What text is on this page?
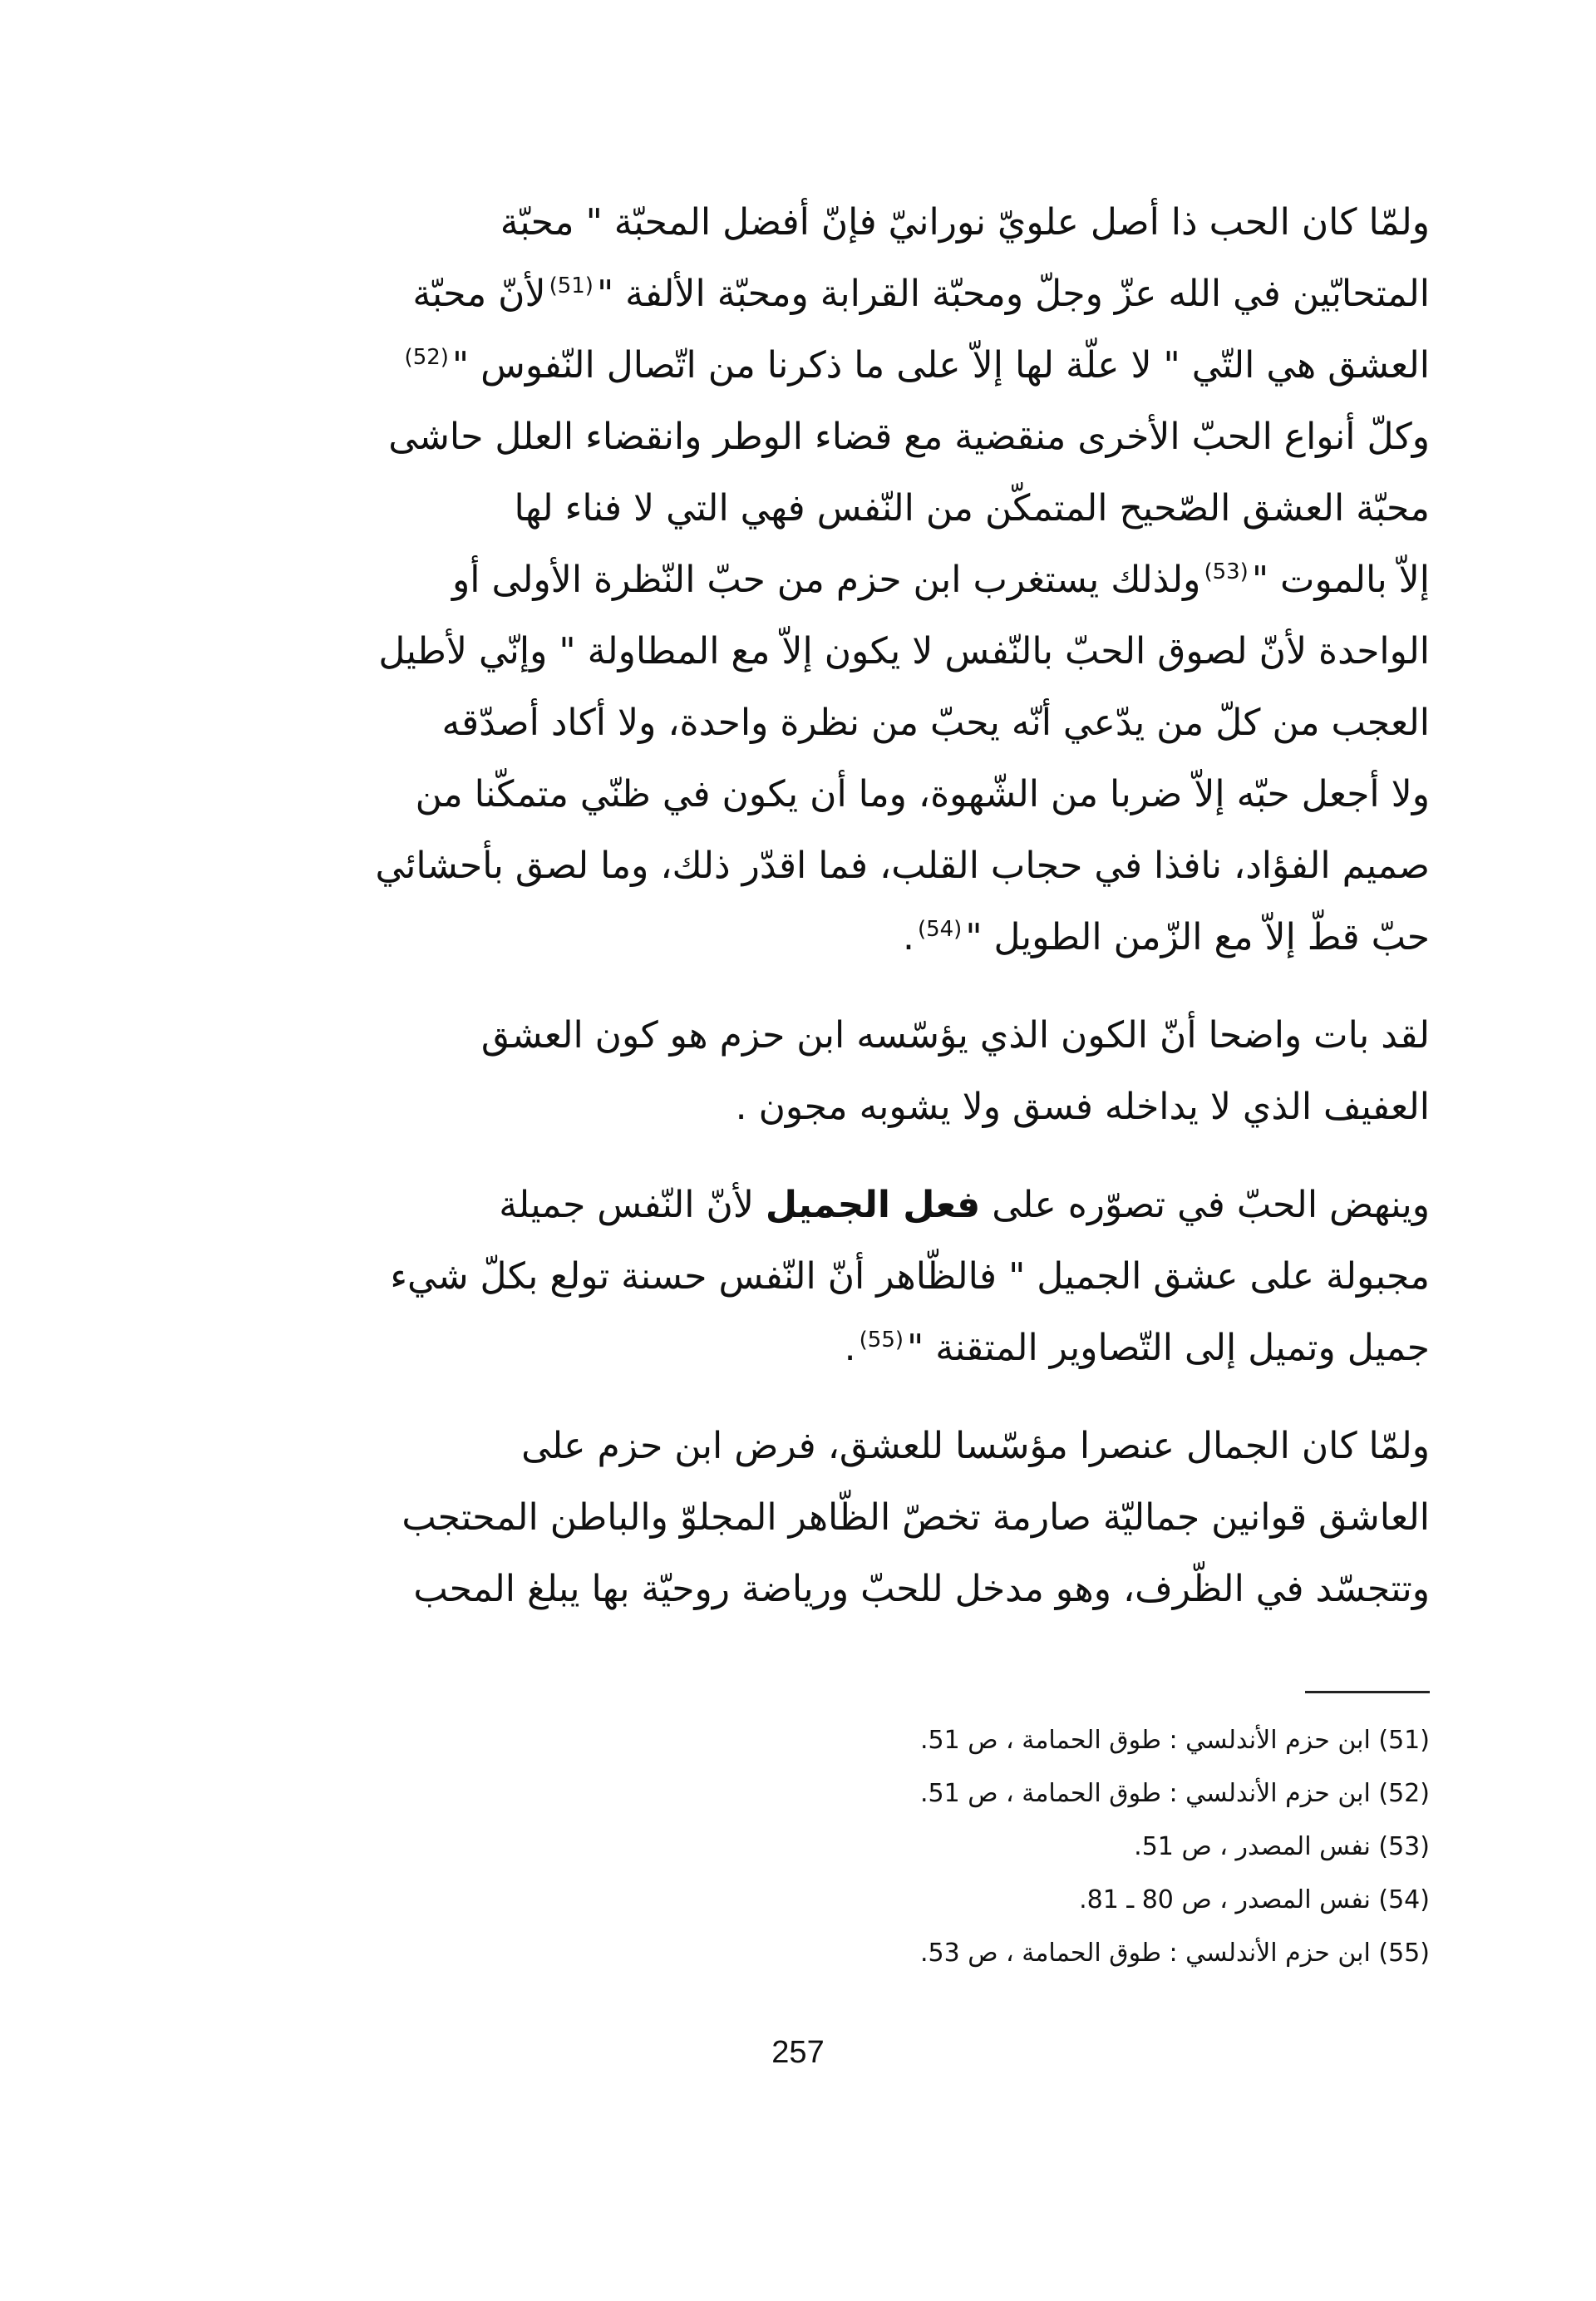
ولمّا كان الحب ذا أصل علويّ نورانيّ فإنّ أفضل المحبّة " محبّة
المتحابّين في الله عزّ وجلّ ومحبّة القرابة ومحبّة الألفة "$^{(51)}$لأنّ محبّة
العشق هي التّي " لا علّة لها إلاّ على ما ذكرنا من اتّصال النّفوس "$^{(52)}$
وكلّ أنواع الحبّ الأخرى منقضية مع قضاء الوطر وانقضاء العلل حاشى
محبّة العشق الصّحيح المتمكّن من النّفس فهي التي لا فناء لها
إلاّ بالموت "$^{(53)}$ولذلك يستغرب ابن حزم من حبّ النّظرة الأولى أو
الواحدة لأنّ لصوق الحبّ بالنّفس لا يكون إلاّ مع المطاولة " وإنّي لأطيل
العجب من كلّ من يدّعي أنّه يحبّ من نظرة واحدة، ولا أكاد أصدّقه
ولا أجعل حبّه إلاّ ضربا من الشّهوة، وما أن يكون في ظنّي متمكّنا من
صميم الفؤاد، نافذا في حجاب القلب، فما اقدّر ذلك، وما لصق بأحشائي
حبّ قطّ إلاّ مع الزّمن الطويل "$^{(54)}$.

لقد بات واضحا أنّ الكون الذي يؤسّسه ابن حزم هو كون العشق
العفيف الذي لا يداخله فسق ولا يشوبه مجون .

وينهض الحبّ في تصوّره على فعل الجميل لأنّ النّفس جميلة
مجبولة على عشق الجميل " فالظّاهر أنّ النّفس حسنة تولع بكلّ شيء
جميل وتميل إلى التّصاوير المتقنة "$^{(55)}$.

ولمّا كان الجمال عنصرا مؤسّسا للعشق، فرض ابن حزم على
العاشق قوانين جماليّة صارمة تخصّ الظّاهر المجلوّ والباطن المحتجب
وتتجسّد في الظّرف، وهو مدخل للحبّ ورياضة روحيّة بها يبلغ المحب

(51) ابن حزم الأندلسي : طوق الحمامة ، ص 51.
(52) ابن حزم الأندلسي : طوق الحمامة ، ص 51.
(53) نفس المصدر ، ص 51.
(54) نفس المصدر ، ص 80 ـ 81.
(55) ابن حزم الأندلسي : طوق الحمامة ، ص 53.
257
